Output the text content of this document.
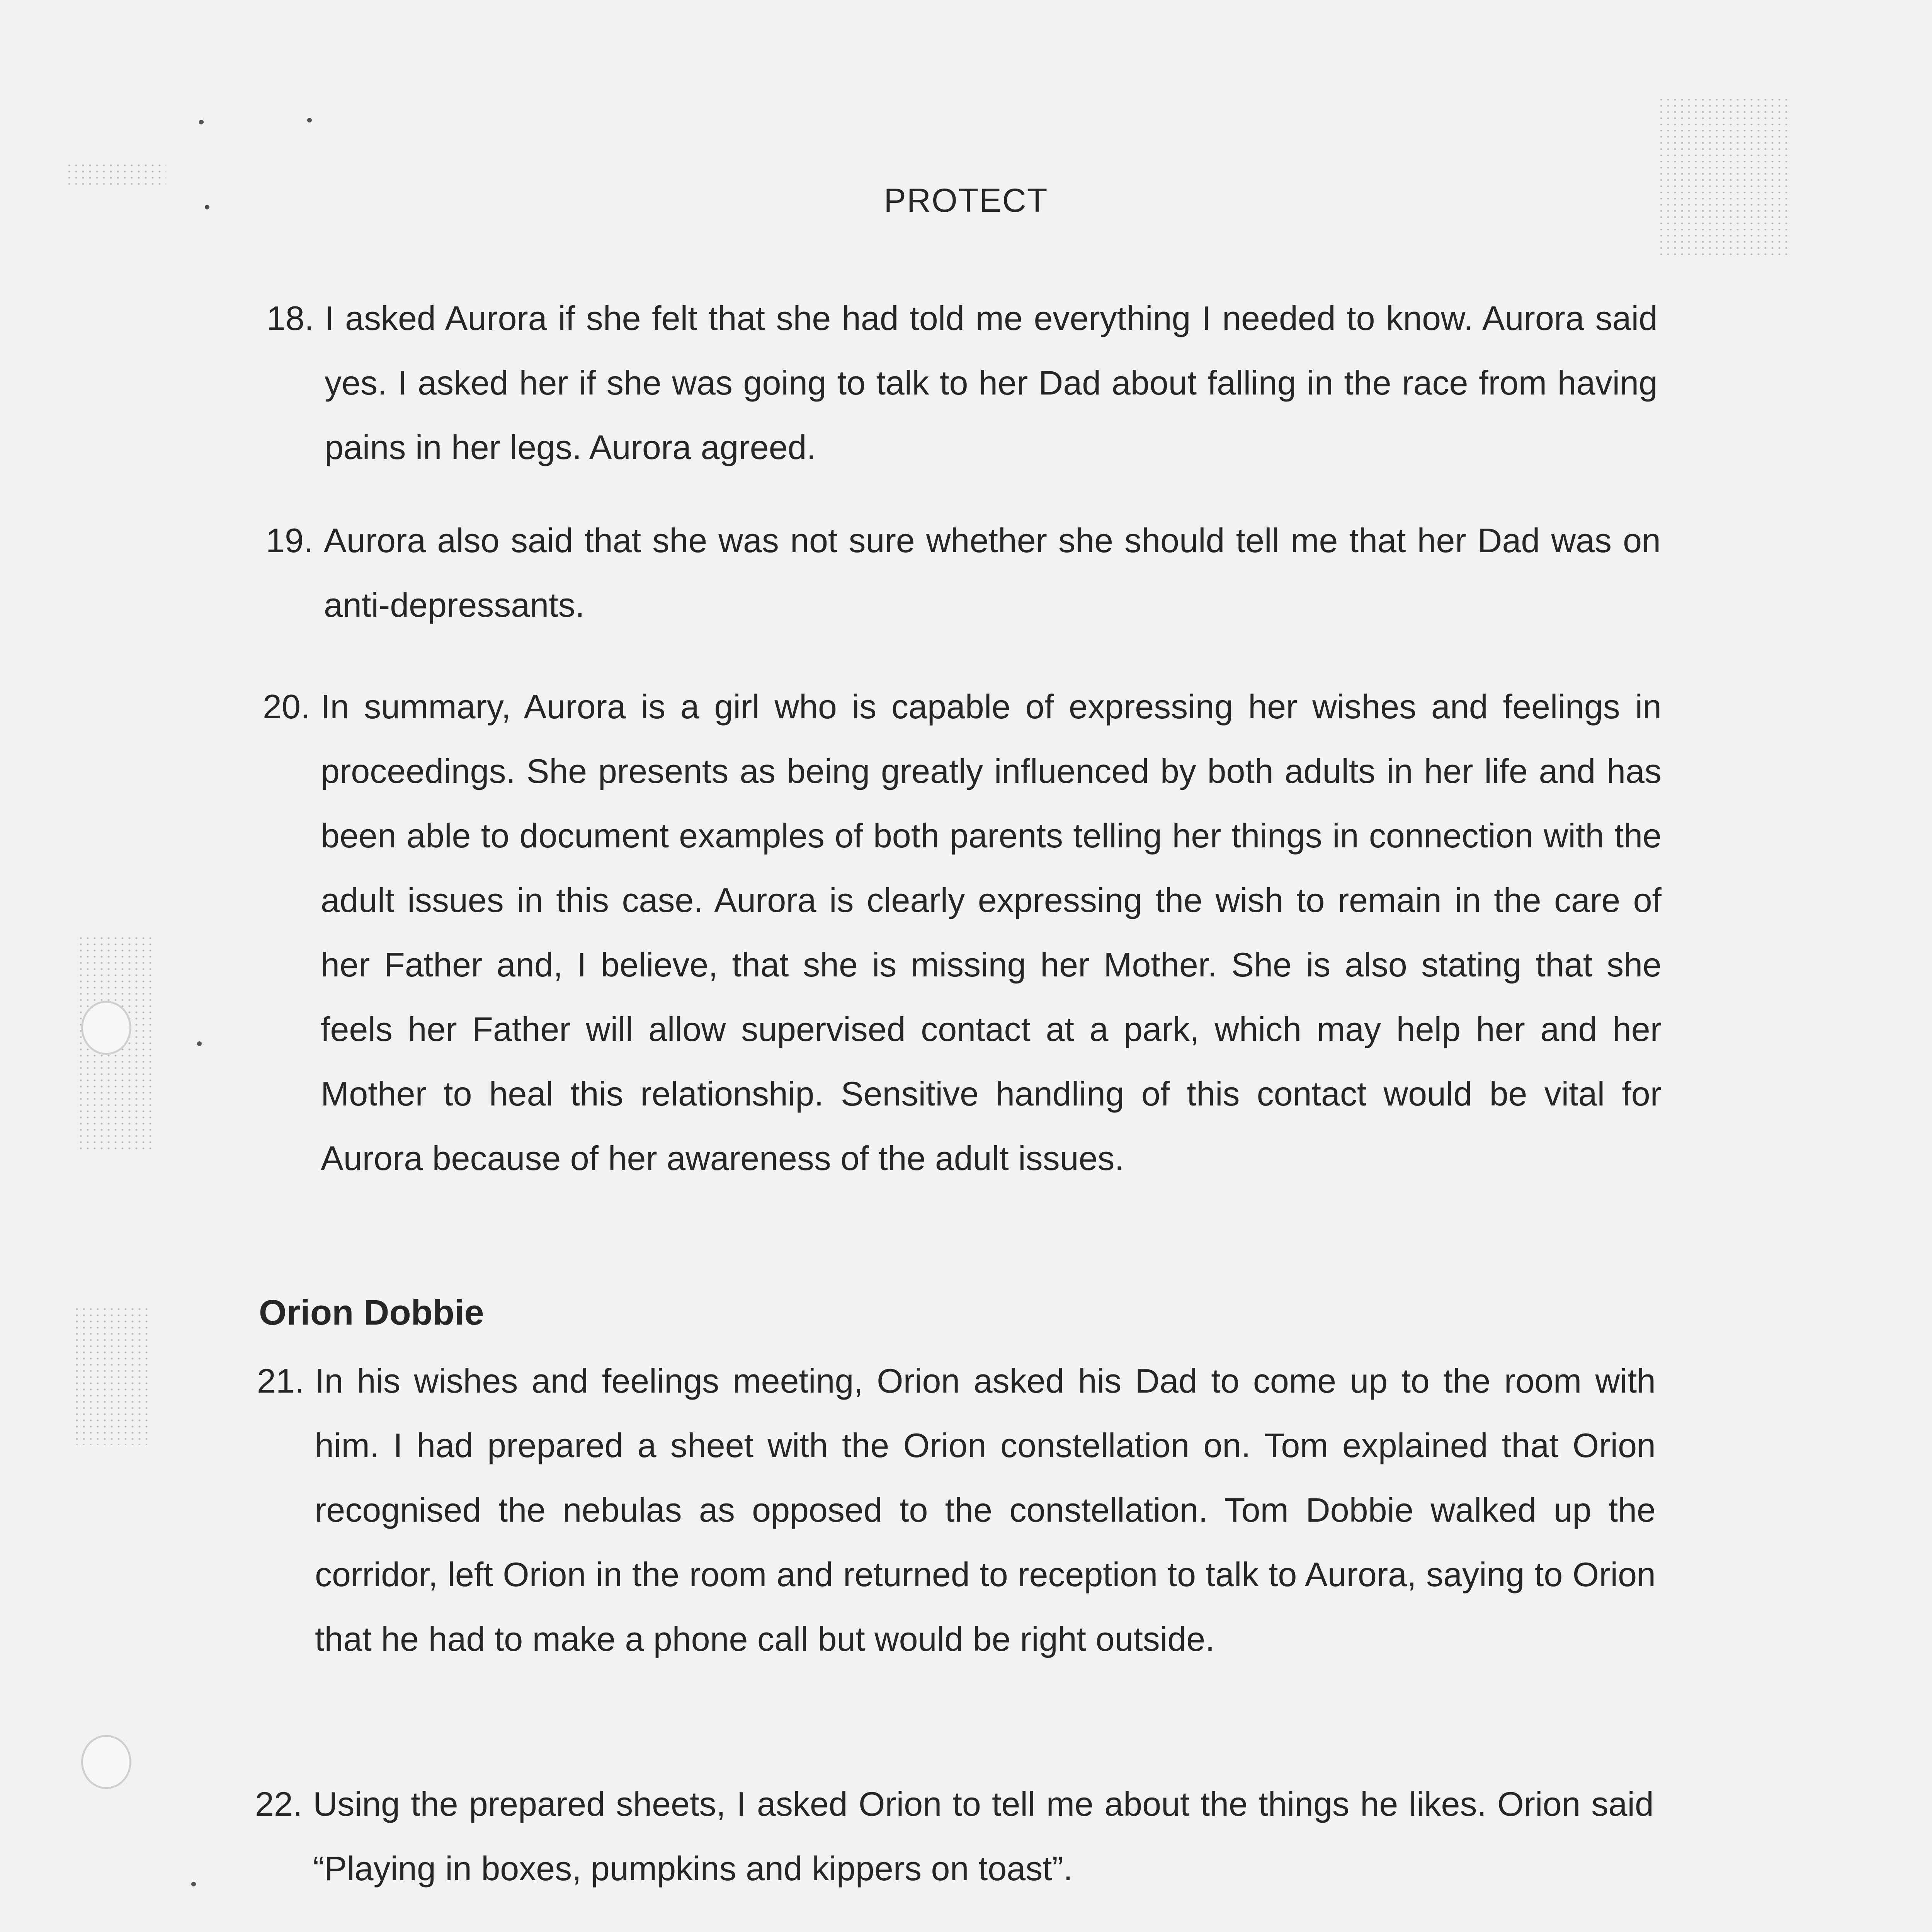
PROTECT
18. I asked Aurora if she felt that she had told me everything I needed to know. Aurora said yes. I asked her if she was going to talk to her Dad about falling in the race from having pains in her legs. Aurora agreed.
19. Aurora also said that she was not sure whether she should tell me that her Dad was on anti-depressants.
20. In summary, Aurora is a girl who is capable of expressing her wishes and feelings in proceedings. She presents as being greatly influenced by both adults in her life and has been able to document examples of both parents telling her things in connection with the adult issues in this case. Aurora is clearly expressing the wish to remain in the care of her Father and, I believe, that she is missing her Mother. She is also stating that she feels her Father will allow supervised contact at a park, which may help her and her Mother to heal this relationship. Sensitive handling of this contact would be vital for Aurora because of her awareness of the adult issues.
Orion Dobbie
21. In his wishes and feelings meeting, Orion asked his Dad to come up to the room with him. I had prepared a sheet with the Orion constellation on. Tom explained that Orion recognised the nebulas as opposed to the constellation. Tom Dobbie walked up the corridor, left Orion in the room and returned to reception to talk to Aurora, saying to Orion that he had to make a phone call but would be right outside.
22. Using the prepared sheets, I asked Orion to tell me about the things he likes. Orion said “Playing in boxes, pumpkins and kippers on toast”.
